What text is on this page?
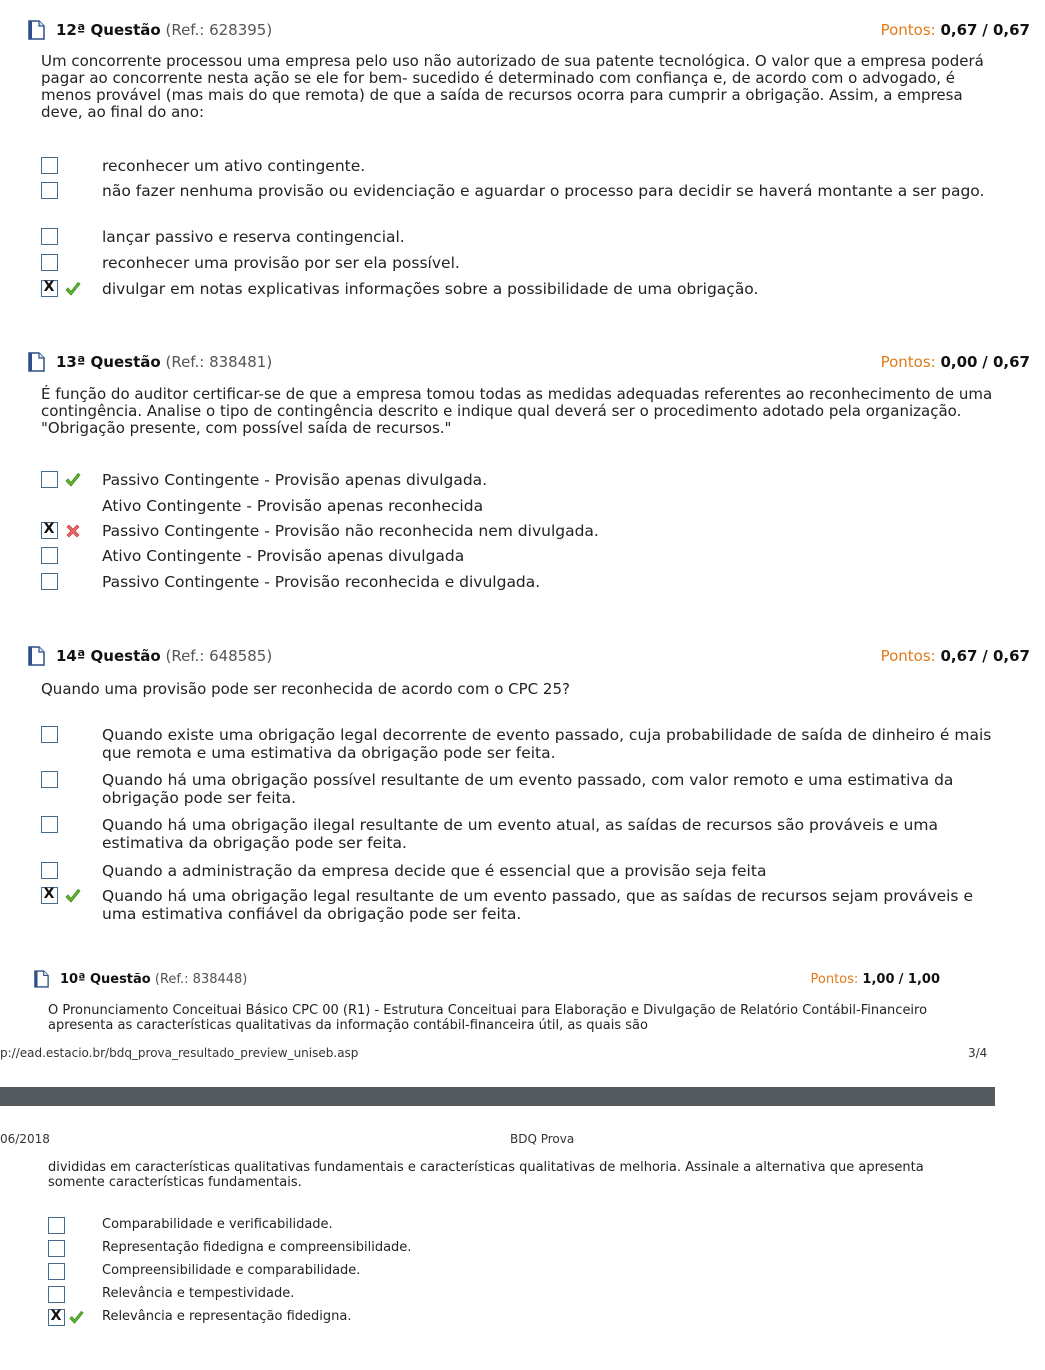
12ª Questão (Ref.: 628395)	Pontos: 0,67 / 0,67
Um concorrente processou uma empresa pelo uso não autorizado de sua patente tecnológica. O valor que a empresa poderá pagar ao concorrente nesta ação se ele for bem- sucedido é determinado com confiança e, de acordo com o advogado, é menos provável (mas mais do que remota) de que a saída de recursos ocorra para cumprir a obrigação. Assim, a empresa deve, ao final do ano:
reconhecer um ativo contingente.
não fazer nenhuma provisão ou evidenciação e aguardar o processo para decidir se haverá montante a ser pago.
lançar passivo e reserva contingencial.
reconhecer uma provisão por ser ela possível.
X
divulgar em notas explicativas informações sobre a possibilidade de uma obrigação.
13ª Questão (Ref.: 838481)	Pontos: 0,00 / 0,67
É função do auditor certificar-se de que a empresa tomou todas as medidas adequadas referentes ao reconhecimento de uma contingência. Analise o tipo de contingência descrito e indique qual deverá ser o procedimento adotado pela organização. "Obrigação presente, com possível saída de recursos."
Passivo Contingente - Provisão apenas divulgada.
Ativo Contingente - Provisão apenas reconhecida
X
Passivo Contingente - Provisão não reconhecida nem divulgada.
Ativo Contingente - Provisão apenas divulgada
Passivo Contingente - Provisão reconhecida e divulgada.
14ª Questão (Ref.: 648585)	Pontos: 0,67 / 0,67
Quando uma provisão pode ser reconhecida de acordo com o CPC 25?
Quando existe uma obrigação legal decorrente de evento passado, cuja probabilidade de saída de dinheiro é mais que remota e uma estimativa da obrigação pode ser feita.
Quando há uma obrigação possível resultante de um evento passado, com valor remoto e uma estimativa da obrigação pode ser feita.
Quando há uma obrigação ilegal resultante de um evento atual, as saídas de recursos são prováveis e uma estimativa da obrigação pode ser feita.
Quando a administração da empresa decide que é essencial que a provisão seja feita
X
Quando há uma obrigação legal resultante de um evento passado, que as saídas de recursos sejam prováveis e uma estimativa confiável da obrigação pode ser feita.
10ª Questão (Ref.: 838448)	Pontos: 1,00 / 1,00
O Pronunciamento Conceituai Básico CPC 00 (R1) - Estrutura Conceituai para Elaboração e Divulgação de Relatório Contábil-Financeiro apresenta as características qualitativas da informação contábil-financeira útil, as quais são
p://ead.estacio.br/bdq_prova_resultado_preview_uniseb.asp	3/4
06/2018	BDQ Prova
divididas em características qualitativas fundamentais e características qualitativas de melhoria. Assinale a alternativa que apresenta somente características fundamentais.
Comparabilidade e verificabilidade.
Representação fidedigna e compreensibilidade.
Compreensibilidade e comparabilidade.
Relevância e tempestividade.
X
Relevância e representação fidedigna.
